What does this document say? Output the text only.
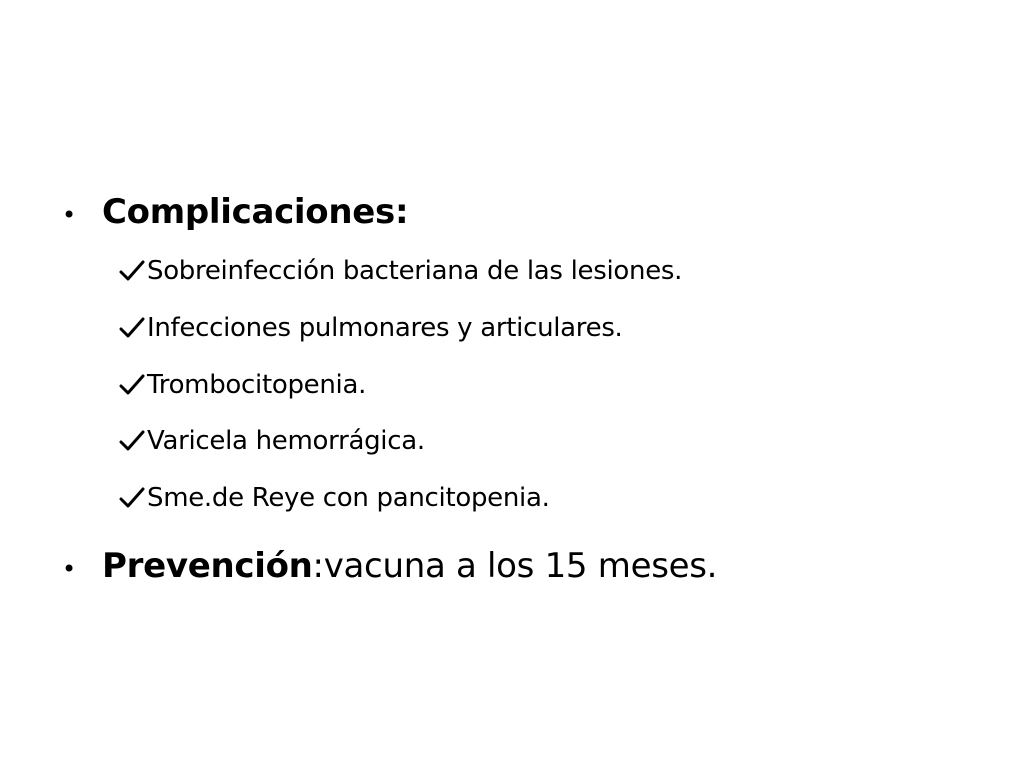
• Complicaciones:
Sobreinfección bacteriana de las lesiones.
Infecciones pulmonares y articulares.
Trombocitopenia.
Varicela hemorrágica.
Sme.de Reye con pancitopenia.
• Prevención :vacuna a los 15 meses.
